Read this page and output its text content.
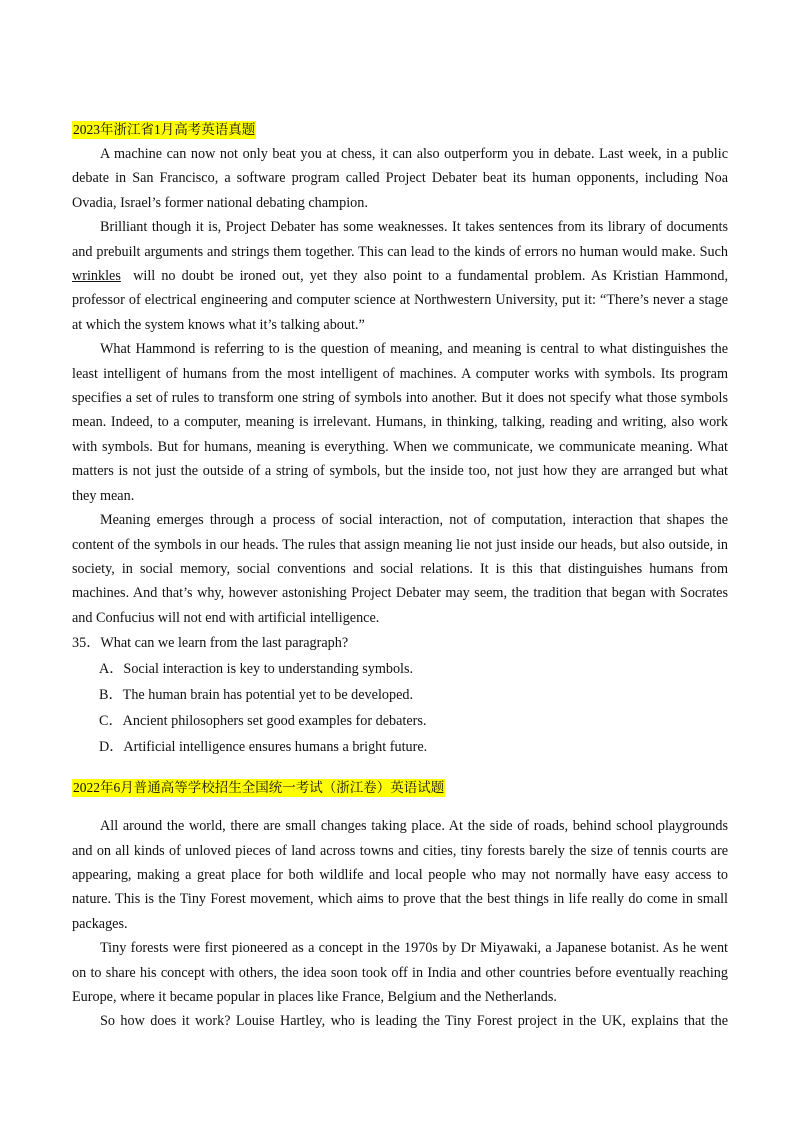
2023年浙江省1月高考英语真题

A machine can now not only beat you at chess, it can also outperform you in debate. Last week, in a public debate in San Francisco, a software program called Project Debater beat its human opponents, including Noa Ovadia, Israel’s former national debating champion.

Brilliant though it is, Project Debater has some weaknesses. It takes sentences from its library of documents and prebuilt arguments and strings them together. This can lead to the kinds of errors no human would make. Such wrinkles  will no doubt be ironed out, yet they also point to a fundamental problem. As Kristian Hammond, professor of electrical engineering and computer science at Northwestern University, put it: “There’s never a stage at which the system knows what it’s talking about.”

What Hammond is referring to is the question of meaning, and meaning is central to what distinguishes the least intelligent of humans from the most intelligent of machines. A computer works with symbols. Its program specifies a set of rules to transform one string of symbols into another. But it does not specify what those symbols mean. Indeed, to a computer, meaning is irrelevant. Humans, in thinking, talking, reading and writing, also work with symbols. But for humans, meaning is everything. When we communicate, we communicate meaning. What matters is not just the outside of a string of symbols, but the inside too, not just how they are arranged but what they mean.

Meaning emerges through a process of social interaction, not of computation, interaction that shapes the content of the symbols in our heads. The rules that assign meaning lie not just inside our heads, but also outside, in society, in social memory, social conventions and social relations. It is this that distinguishes humans from machines. And that’s why, however astonishing Project Debater may seem, the tradition that began with Socrates and Confucius will not end with artificial intelligence.

35．What can we learn from the last paragraph?

A．Social interaction is key to understanding symbols.

B．The human brain has potential yet to be developed.

C．Ancient philosophers set good examples for debaters.

D．Artificial intelligence ensures humans a bright future.

2022年6月普通高等学校招生全国统一考试（浙江卷）英语试题

All around the world, there are small changes taking place. At the side of roads, behind school playgrounds and on all kinds of unloved pieces of land across towns and cities, tiny forests barely the size of tennis courts are appearing, making a great place for both wildlife and local people who may not normally have easy access to nature. This is the Tiny Forest movement, which aims to prove that the best things in life really do come in small packages.

Tiny forests were first pioneered as a concept in the 1970s by Dr Miyawaki, a Japanese botanist. As he went on to share his concept with others, the idea soon took off in India and other countries before eventually reaching Europe, where it became popular in places like France, Belgium and the Netherlands.

So how does it work? Louise Hartley, who is leading the Tiny Forest project in the UK, explains that the
